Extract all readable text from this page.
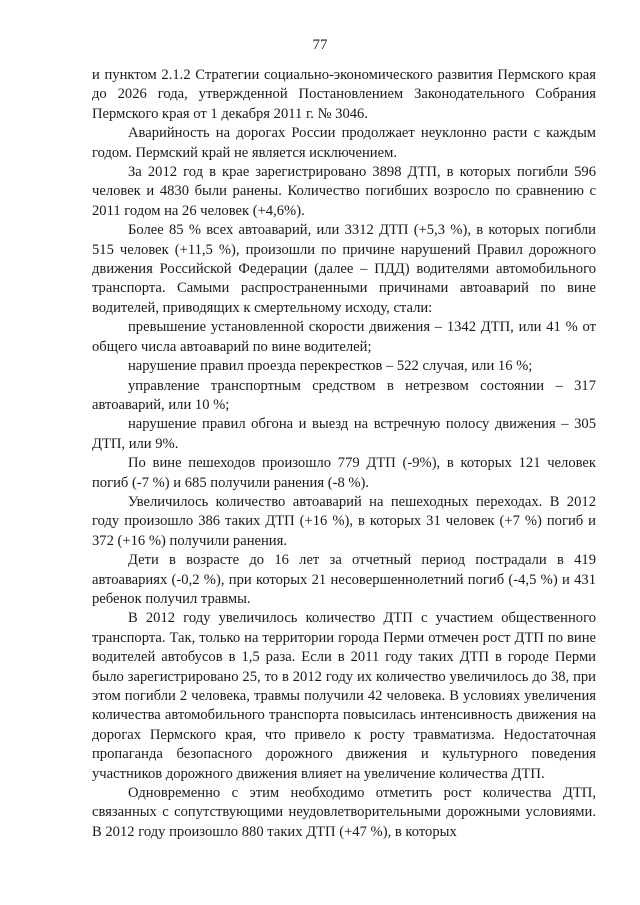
77

и пунктом 2.1.2 Стратегии социально-экономического развития Пермского края до 2026 года, утвержденной Постановлением Законодательного Собрания Пермского края от 1 декабря 2011 г. № 3046.

Аварийность на дорогах России продолжает неуклонно расти с каждым годом. Пермский край не является исключением.

За 2012 год в крае зарегистрировано 3898 ДТП, в которых погибли 596 человек и 4830 были ранены. Количество погибших возросло по сравнению с 2011 годом на 26 человек (+4,6%).

Более 85 % всех автоаварий, или 3312 ДТП (+5,3 %), в которых погибли 515 человек (+11,5 %), произошли по причине нарушений Правил дорожного движения Российской Федерации (далее – ПДД) водителями автомобильного транспорта. Самыми распространенными причинами автоаварий по вине водителей, приводящих к смертельному исходу, стали:

превышение установленной скорости движения – 1342 ДТП, или 41 % от общего числа автоаварий по вине водителей;

нарушение правил проезда перекрестков – 522 случая, или 16 %;

управление транспортным средством в нетрезвом состоянии – 317 автоаварий, или 10 %;

нарушение правил обгона и выезд на встречную полосу движения – 305 ДТП, или 9%.

По вине пешеходов произошло 779 ДТП (-9%), в которых 121 человек погиб (-7 %) и 685 получили ранения (-8 %).

Увеличилось количество автоаварий на пешеходных переходах. В 2012 году произошло 386 таких ДТП (+16 %), в которых 31 человек (+7 %) погиб и 372 (+16 %) получили ранения.

Дети в возрасте до 16 лет за отчетный период пострадали в 419 автоавариях (-0,2 %), при которых 21 несовершеннолетний погиб (-4,5 %) и 431 ребенок получил травмы.

В 2012 году увеличилось количество ДТП с участием общественного транспорта. Так, только на территории города Перми отмечен рост ДТП по вине водителей автобусов в 1,5 раза. Если в 2011 году таких ДТП в городе Перми было зарегистрировано 25, то в 2012 году их количество увеличилось до 38, при этом погибли 2 человека, травмы получили 42 человека. В условиях увеличения количества автомобильного транспорта повысилась интенсивность движения на дорогах Пермского края, что привело к росту травматизма. Недостаточная пропаганда безопасного дорожного движения и культурного поведения участников дорожного движения влияет на увеличение количества ДТП.

Одновременно с этим необходимо отметить рост количества ДТП, связанных с сопутствующими неудовлетворительными дорожными условиями. В 2012 году произошло 880 таких ДТП (+47 %), в которых
